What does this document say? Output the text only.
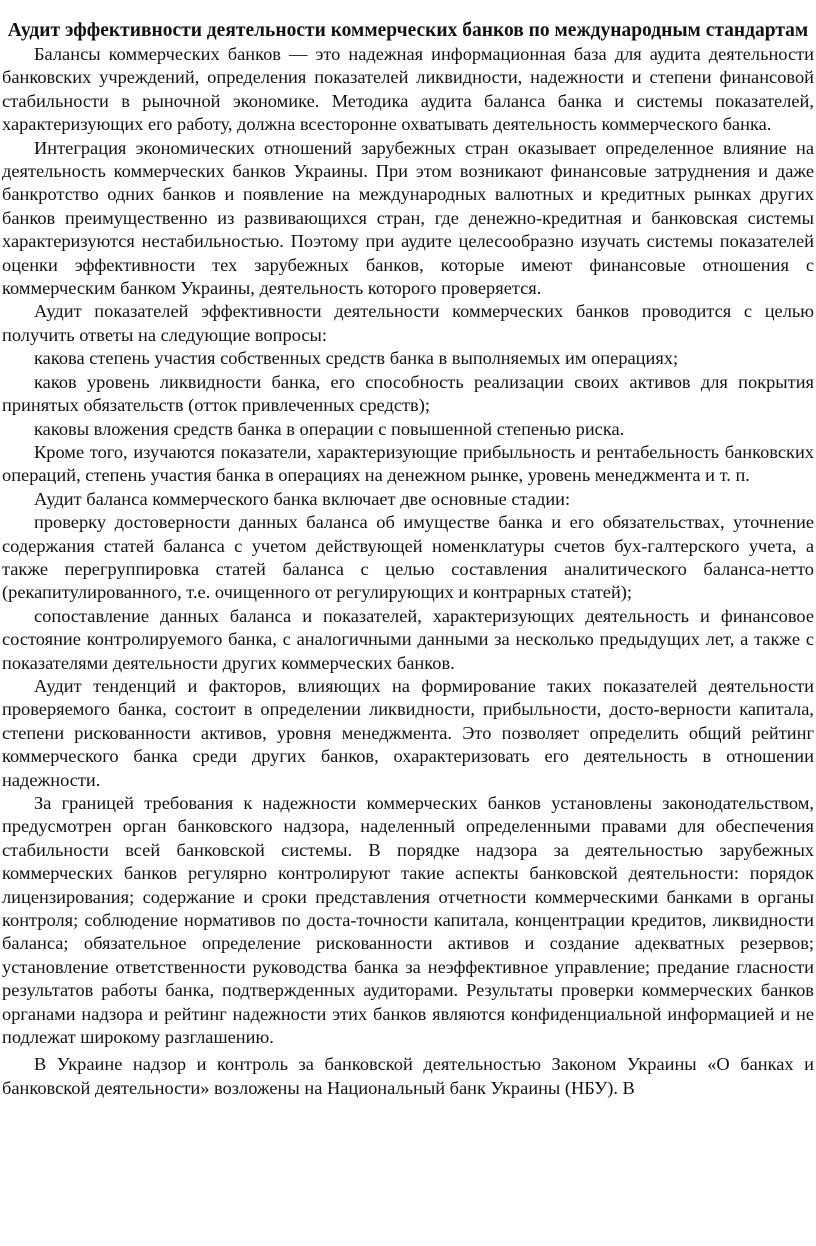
Аудит эффективности деятельности коммерческих банков по международным стандартам

Балансы коммерческих банков — это надежная информационная база для аудита деятельности банковских учреждений, определения показателей ликвидности, надежности и степени финансовой стабильности в рыночной экономике. Методика аудита баланса банка и системы показателей, характеризующих его работу, должна всесторонне охватывать деятельность коммерческого банка.

Интеграция экономических отношений зарубежных стран оказывает определенное влияние на деятельность коммерческих банков Украины. При этом возникают финансовые затруднения и даже банкротство одних банков и появление на международных валютных и кредитных рынках других банков преимущественно из развивающихся стран, где денежно-кредитная и банковская системы характеризуются нестабильностью. Поэтому при аудите целесообразно изучать системы показателей оценки эффективности тех зарубежных банков, которые имеют финансовые отношения с коммерческим банком Украины, деятельность которого проверяется.

Аудит показателей эффективности деятельности коммерческих банков проводится с целью получить ответы на следующие вопросы:

какова степень участия собственных средств банка в выполняемых им операциях;

каков уровень ликвидности банка, его способность реализации своих активов для покрытия принятых обязательств (отток привлеченных средств);

каковы вложения средств банка в операции с повышенной степенью риска.

Кроме того, изучаются показатели, характеризующие прибыльность и рентабельность банковских операций, степень участия банка в операциях на денежном рынке, уровень менеджмента и т. п.

Аудит баланса коммерческого банка включает две основные стадии:

проверку достоверности данных баланса об имуществе банка и его обязательствах, уточнение содержания статей баланса с учетом действующей номенклатуры счетов бух-галтерского учета, а также перегруппировка статей баланса с целью составления аналитического баланса-нетто (рекапитулированного, т.е. очищенного от регулирующих и контрарных статей);

сопоставление данных баланса и показателей, характеризующих деятельность и финансовое состояние контролируемого банка, с аналогичными данными за несколько предыдущих лет, а также с показателями деятельности других коммерческих банков.

Аудит тенденций и факторов, влияющих на формирование таких показателей деятельности проверяемого банка, состоит в определении ликвидности, прибыльности, досто-верности капитала, степени рискованности активов, уровня менеджмента. Это позволяет определить общий рейтинг коммерческого банка среди других банков, охарактеризовать его деятельность в отношении надежности.

За границей требования к надежности коммерческих банков установлены законодательством, предусмотрен орган банковского надзора, наделенный определенными правами для обеспечения стабильности всей банковской системы. В порядке надзора за деятельностью зарубежных коммерческих банков регулярно контролируют такие аспекты банковской деятельности: порядок лицензирования; содержание и сроки представления отчетности коммерческими банками в органы контроля; соблюдение нормативов по доста-точности капитала, концентрации кредитов, ликвидности баланса; обязательное определение рискованности активов и создание адекватных резервов; установление ответственности руководства банка за неэффективное управление; предание гласности результатов работы банка, подтвержденных аудиторами. Результаты проверки коммерческих банков органами надзора и рейтинг надежности этих банков являются конфиденциальной информацией и не подлежат широкому разглашению.

В Украине надзор и контроль за банковской деятельностью Законом Украины «О банках и банковской деятельности» возложены на Национальный банк Украины (НБУ). В
